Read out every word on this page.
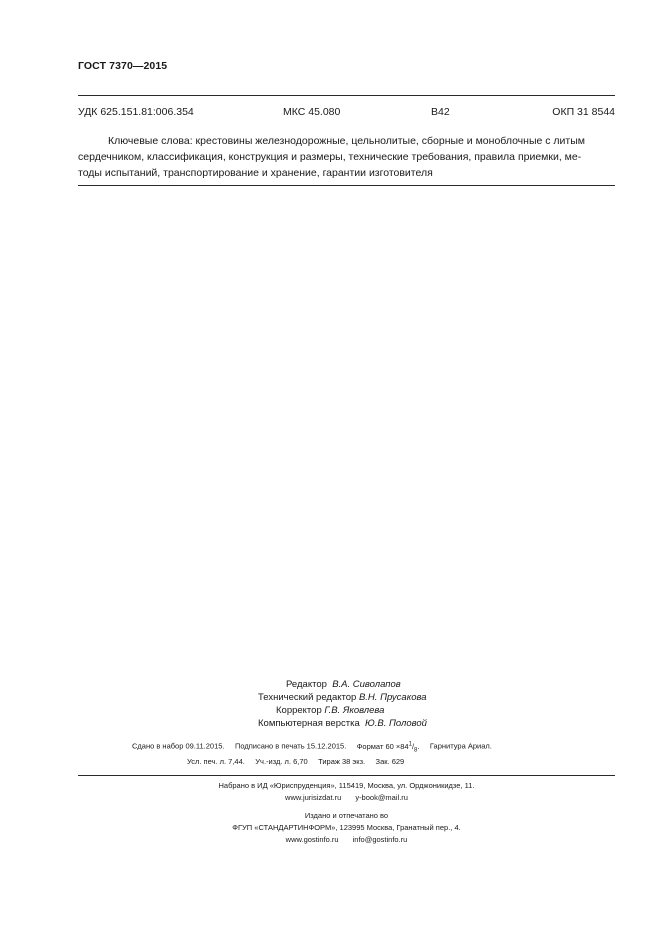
ГОСТ 7370—2015
УДК 625.151.81:006.354	МКС 45.080	В42	ОКП 31 8544
Ключевые слова: крестовины железнодорожные, цельнолитые, сборные и моноблочные с литым
сердечником, классификация, конструкция и размеры, технические требования, правила приемки, ме-
тоды испытаний, транспортирование и хранение, гарантии изготовителя
Редактор В.А. Сиволапов
Технический редактор В.Н. Прусакова
Корректор Г.В. Яковлева
Компьютерная верстка Ю.В. Половой
Сдано в набор 09.11.2015. Подписано в печать 15.12.2015. Формат $60 \times 84^1/_8$. Гарнитура Ариал.
Усл. печ. л. 7,44. Уч.-изд. л. 6,70 Тираж 38 экз. Зак. 629
Набрано в ИД «Юриспруденция», 115419, Москва, ул. Орджоникидзе, 11.
www.jurisizdat.ru y-book@mail.ru
Издано и отпечатано во
ФГУП «СТАНДАРТИНФОРМ», 123995 Москва, Гранатный пер., 4.
www.gostinfo.ru info@gostinfo.ru
